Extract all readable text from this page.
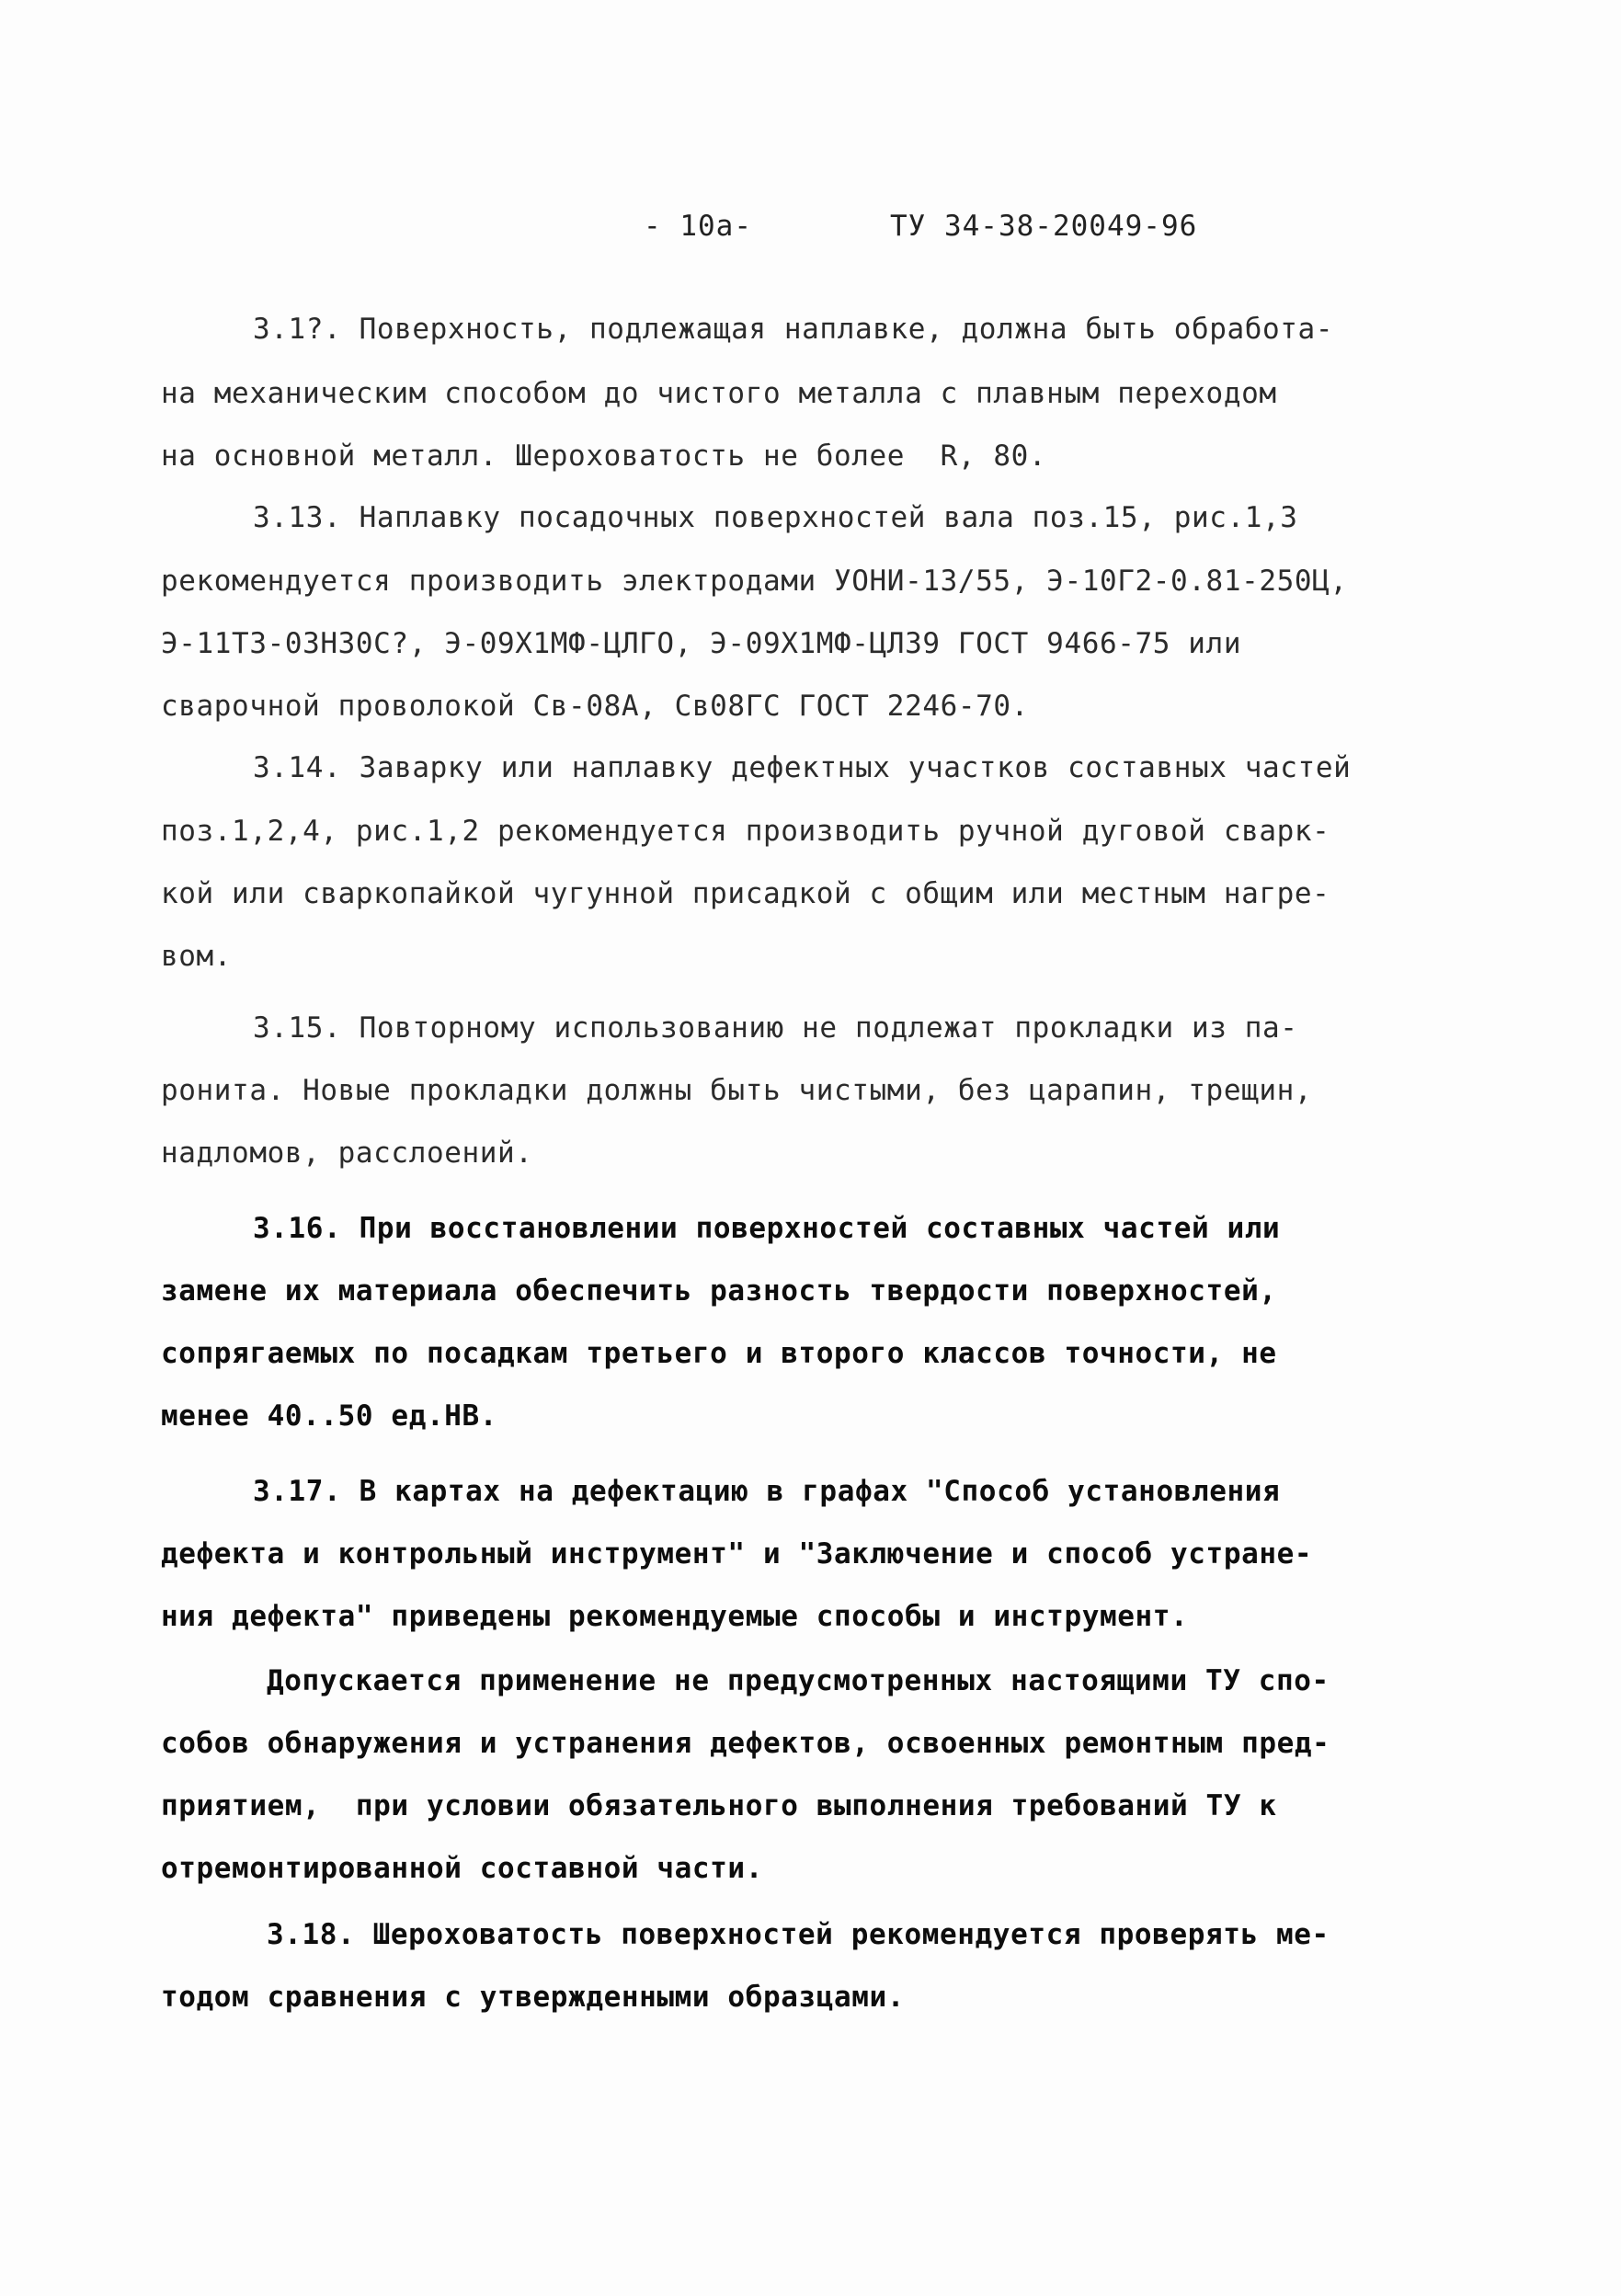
- 10а-	ТУ 34-38-20049-96
3.1?. Поверхность, подлежащая наплавке, должна быть обработа-
на механическим способом до чистого металла с плавным переходом
на основной металл. Шероховатость не более  R, 80.
3.13. Наплавку посадочных поверхностей вала поз.15, рис.1,3
рекомендуется производить электродами УОНИ-13/55, Э-10Г2-0.81-250Ц,
Э-11ТЗ-03Н30С?, Э-09Х1МФ-ЦЛГО, Э-09Х1МФ-ЦЛ39 ГОСТ 9466-75 или
сварочной проволокой Св-08А, Св08ГС ГОСТ 2246-70.
3.14. Заварку или наплавку дефектных участков составных частей
поз.1,2,4, рис.1,2 рекомендуется производить ручной дуговой сварк-
кой или сваркопайкой чугунной присадкой с общим или местным нагре-
вом.
3.15. Повторному использованию не подлежат прокладки из па-
ронита. Новые прокладки должны быть чистыми, без царапин, трещин,
надломов, расслоений.
3.16. При восстановлении поверхностей составных частей или
замене их материала обеспечить разность твердости поверхностей,
сопрягаемых по посадкам третьего и второго классов точности, не
менее 40..50 ед.НВ.
3.17. В картах на дефектацию в графах "Способ установления
дефекта и контрольный инструмент" и "Заключение и способ устране-
ния дефекта" приведены рекомендуемые способы и инструмент.
Допускается применение не предусмотренных настоящими ТУ спо-
собов обнаружения и устранения дефектов, освоенных ремонтным пред-
приятием,  при условии обязательного выполнения требований ТУ к
отремонтированной составной части.
3.18. Шероховатость поверхностей рекомендуется проверять ме-
тодом сравнения с утвержденными образцами.
